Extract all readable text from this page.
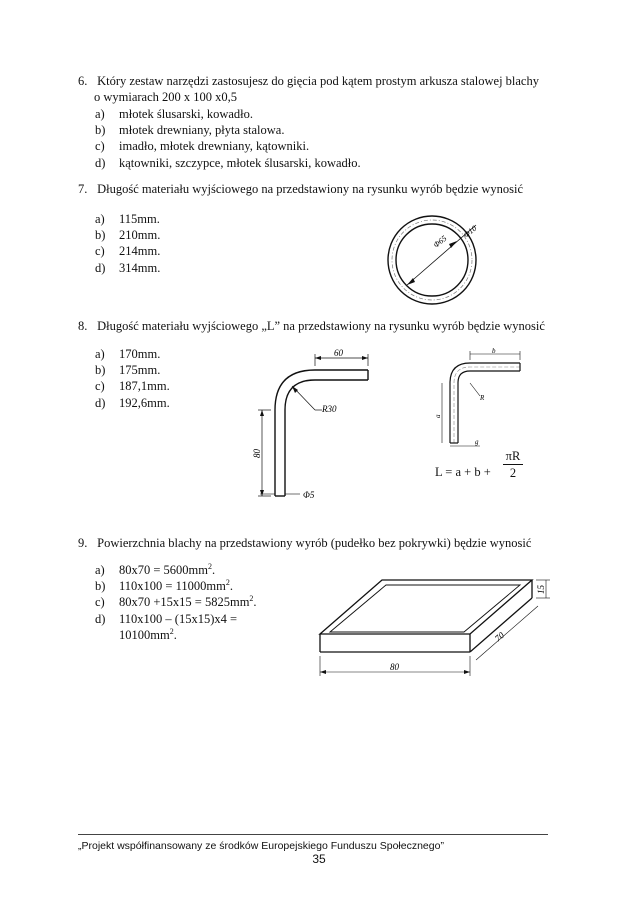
6. Który zestaw narzędzi zastosujesz do gięcia pod kątem prostym arkusza stalowej blachy
o wymiarach 200 x 100 x0,5
a) młotek ślusarski, kowadło.
b) młotek drewniany, płyta stalowa.
c) imadło, młotek drewniany, kątowniki.
d) kątowniki, szczypce, młotek ślusarski, kowadło.
7. Długość materiału wyjściowego na przedstawiony na rysunku wyrób będzie wynosić
a) 115mm.
b) 210mm.
c) 214mm.
d) 314mm.
Φ65
Φ10
8. Długość materiału wyjściowego „L” na przedstawiony na rysunku wyrób będzie wynosić
a) 170mm.
b) 175mm.
c) 187,1mm.
d) 192,6mm.
60
R30
80
Φ5
b
a
R
g
$L = a + b + \frac{\pi R}{2}$
9. Powierzchnia blachy na przedstawiony wyrób (pudełko bez pokrywki) będzie wynosić
a) $80x70 = 5600mm^2$.
b) $110x100 = 11000mm^2$.
c) $80x70 +15x15 = 5825mm^2$.
d) 110x100 – (15x15)x4 =
$10100mm^2$.
80
70
15
„Projekt współfinansowany ze środków Europejskiego Funduszu Społecznego”
35
